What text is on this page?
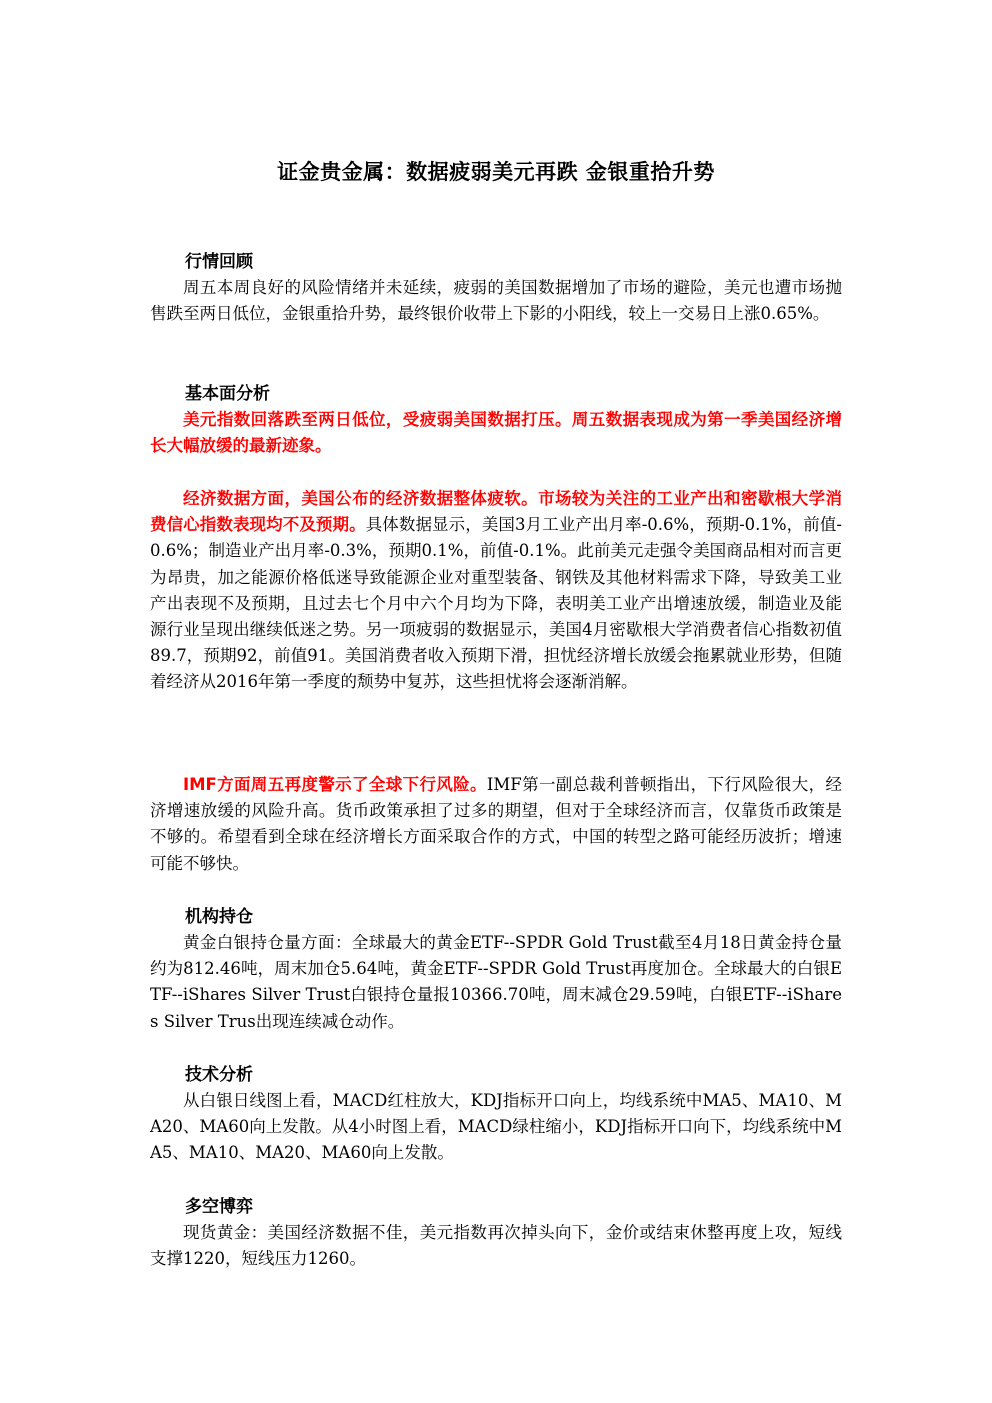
证金贵金属：数据疲弱美元再跌 金银重拾升势
行情回顾

周五本周良好的风险情绪并未延续，疲弱的美国数据增加了市场的避险，美元也遭市场抛售跌至两日低位，金银重拾升势，最终银价收带上下影的小阳线，较上一交易日上涨0.65%。

基本面分析

美元指数回落跌至两日低位，受疲弱美国数据打压。周五数据表现成为第一季美国经济增长大幅放缓的最新迹象。

经济数据方面，美国公布的经济数据整体疲软。市场较为关注的工业产出和密歇根大学消费信心指数表现均不及预期。具体数据显示，美国3月工业产出月率-0.6%，预期-0.1%，前值-0.6%；制造业产出月率-0.3%，预期0.1%，前值-0.1%。此前美元走强令美国商品相对而言更为昂贵，加之能源价格低迷导致能源企业对重型装备、钢铁及其他材料需求下降，导致美工业产出表现不及预期，且过去七个月中六个月均为下降，表明美工业产出增速放缓，制造业及能源行业呈现出继续低迷之势。另一项疲弱的数据显示，美国4月密歇根大学消费者信心指数初值89.7，预期92，前值91。美国消费者收入预期下滑，担忧经济增长放缓会拖累就业形势，但随着经济从2016年第一季度的颓势中复苏，这些担忧将会逐渐消解。

IMF方面周五再度警示了全球下行风险。IMF第一副总裁利普顿指出，下行风险很大，经济增速放缓的风险升高。货币政策承担了过多的期望，但对于全球经济而言，仅靠货币政策是不够的。希望看到全球在经济增长方面采取合作的方式，中国的转型之路可能经历波折；增速可能不够快。

机构持仓

黄金白银持仓量方面：全球最大的黄金ETF--SPDR Gold Trust截至4月18日黄金持仓量约为812.46吨，周末加仓5.64吨，黄金ETF--SPDR Gold Trust再度加仓。全球最大的白银ETF--iShares Silver Trust白银持仓量报10366.70吨，周末减仓29.59吨，白银ETF--iShares Silver Trus出现连续减仓动作。

技术分析

从白银日线图上看，MACD红柱放大，KDJ指标开口向上，均线系统中MA5、MA10、MA20、MA60向上发散。从4小时图上看，MACD绿柱缩小，KDJ指标开口向下，均线系统中MA5、MA10、MA20、MA60向上发散。

多空博弈

现货黄金：美国经济数据不佳，美元指数再次掉头向下，金价或结束休整再度上攻，短线支撑1220，短线压力1260。
